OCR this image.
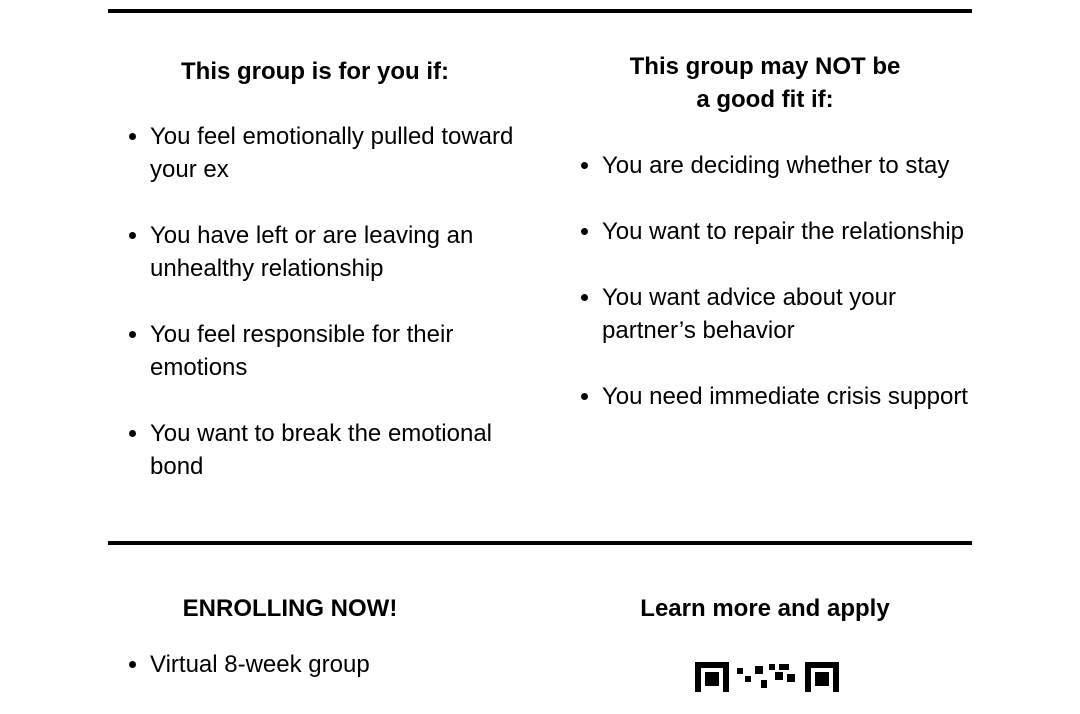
This group is for you if:
• You feel emotionally pulled toward your ex
• You have left or are leaving an unhealthy relationship
• You feel responsible for their emotions
• You want to break the emotional bond
This group may NOT be
a good fit if:
• You are deciding whether to stay
• You want to repair the relationship
• You want advice about your partner’s behavior
• You need immediate crisis support
ENROLLING NOW!
• Virtual 8-week group
Learn more and apply
